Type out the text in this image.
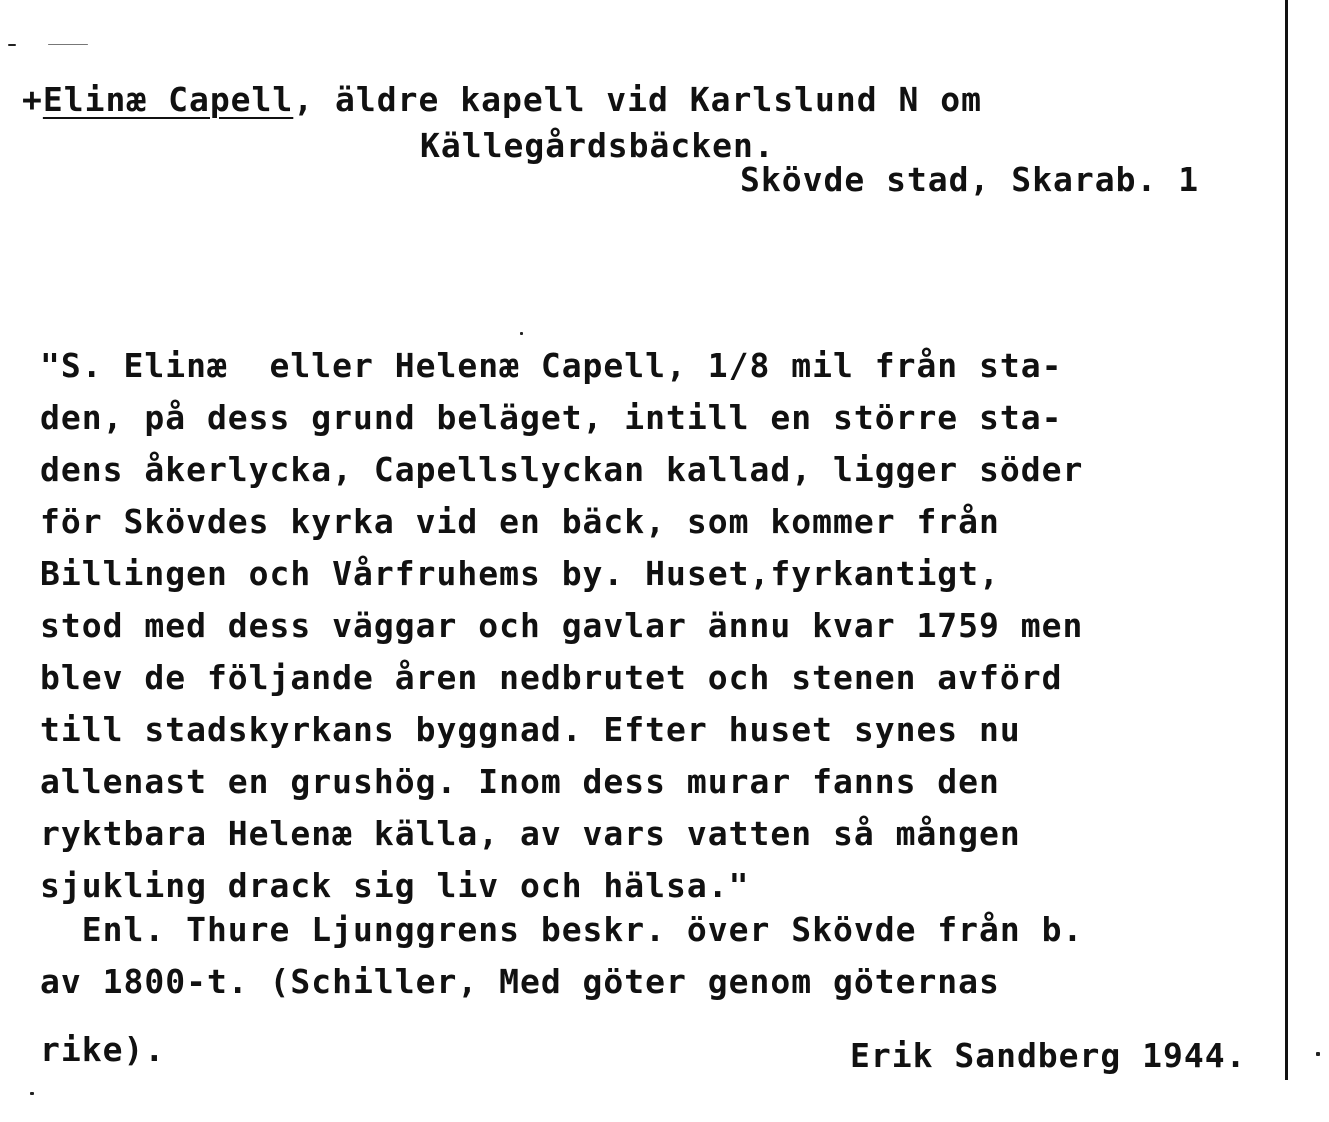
+Elinæ Capell, äldre kapell vid Karlslund N om
Källegårdsbäcken.
Skövde stad, Skarab. 1
"S. Elinæ  eller Helenæ Capell, 1/8 mil från sta-
den, på dess grund beläget, intill en större sta-
dens åkerlycka, Capellslyckan kallad, ligger söder
för Skövdes kyrka vid en bäck, som kommer från
Billingen och Vårfruhems by. Huset,fyrkantigt,
stod med dess väggar och gavlar ännu kvar 1759 men
blev de följande åren nedbrutet och stenen avförd
till stadskyrkans byggnad. Efter huset synes nu
allenast en grushög. Inom dess murar fanns den
ryktbara Helenæ källa, av vars vatten så mången
sjukling drack sig liv och hälsa."
Enl. Thure Ljunggrens beskr. över Skövde från b.
av 1800-t. (Schiller, Med göter genom göternas
rike).	Erik Sandberg 1944.
